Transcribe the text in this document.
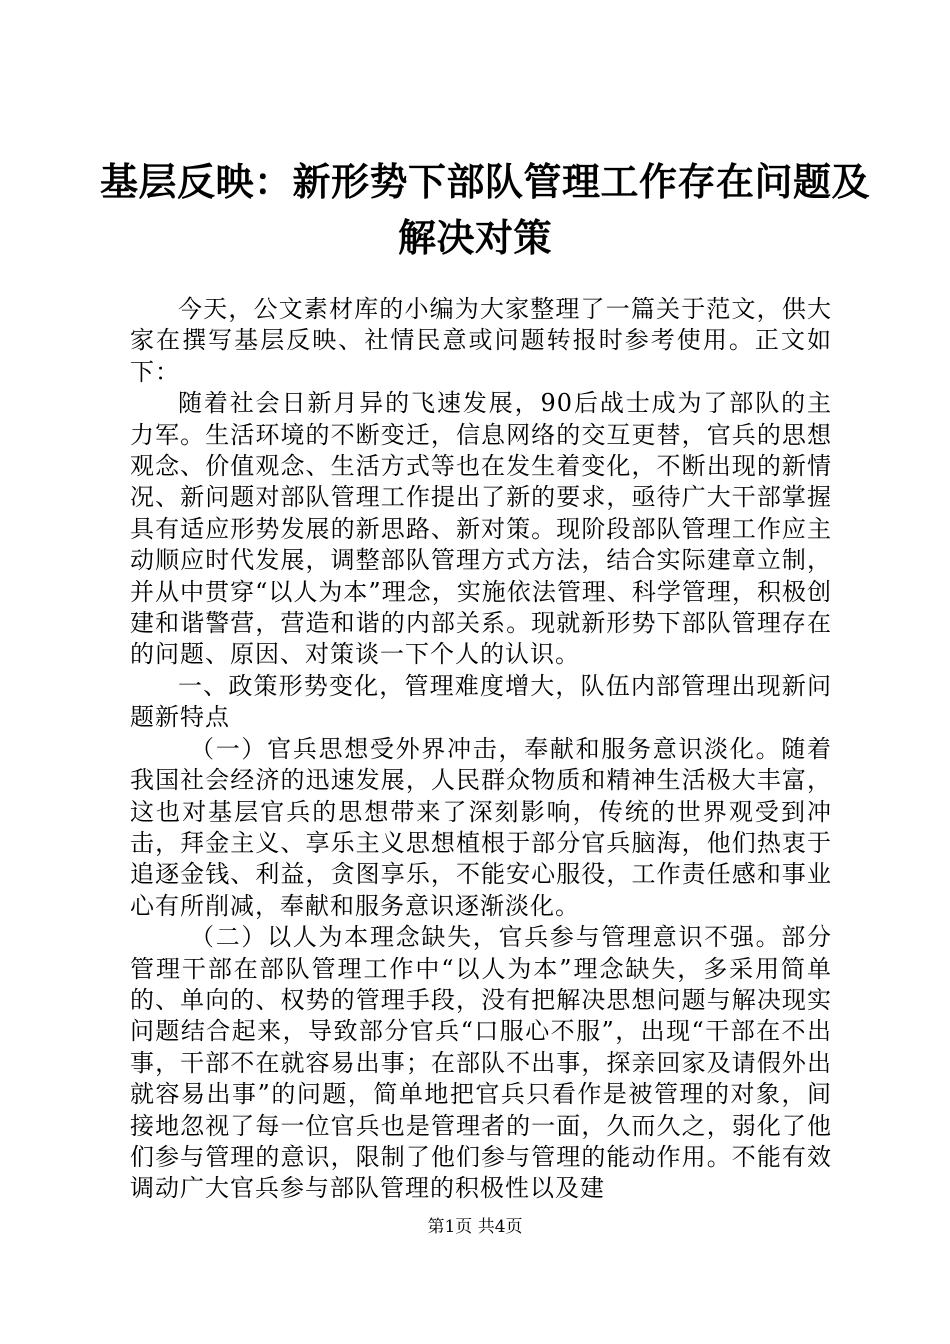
基层反映：新形势下部队管理工作存在问题及
解决对策

今天，公文素材库的小编为大家整理了一篇关于范文，供大家在撰写基层反映、社情民意或问题转报时参考使用。正文如下：

随着社会日新月异的飞速发展，90后战士成为了部队的主力军。生活环境的不断变迁，信息网络的交互更替，官兵的思想观念、价值观念、生活方式等也在发生着变化，不断出现的新情况、新问题对部队管理工作提出了新的要求，亟待广大干部掌握具有适应形势发展的新思路、新对策。现阶段部队管理工作应主动顺应时代发展，调整部队管理方式方法，结合实际建章立制，并从中贯穿“以人为本”理念，实施依法管理、科学管理，积极创建和谐警营，营造和谐的内部关系。现就新形势下部队管理存在的问题、原因、对策谈一下个人的认识。

一、政策形势变化，管理难度增大，队伍内部管理出现新问题新特点

（一）官兵思想受外界冲击，奉献和服务意识淡化。随着我国社会经济的迅速发展，人民群众物质和精神生活极大丰富，这也对基层官兵的思想带来了深刻影响，传统的世界观受到冲击，拜金主义、享乐主义思想植根于部分官兵脑海，他们热衷于追逐金钱、利益，贪图享乐，不能安心服役，工作责任感和事业心有所削减，奉献和服务意识逐渐淡化。

（二）以人为本理念缺失，官兵参与管理意识不强。部分管理干部在部队管理工作中“以人为本”理念缺失，多采用简单的、单向的、权势的管理手段，没有把解决思想问题与解决现实问题结合起来，导致部分官兵“口服心不服”，出现“干部在不出事，干部不在就容易出事；在部队不出事，探亲回家及请假外出就容易出事”的问题，简单地把官兵只看作是被管理的对象，间接地忽视了每一位官兵也是管理者的一面，久而久之，弱化了他们参与管理的意识，限制了他们参与管理的能动作用。不能有效调动广大官兵参与部队管理的积极性以及建

第1页 共4页
